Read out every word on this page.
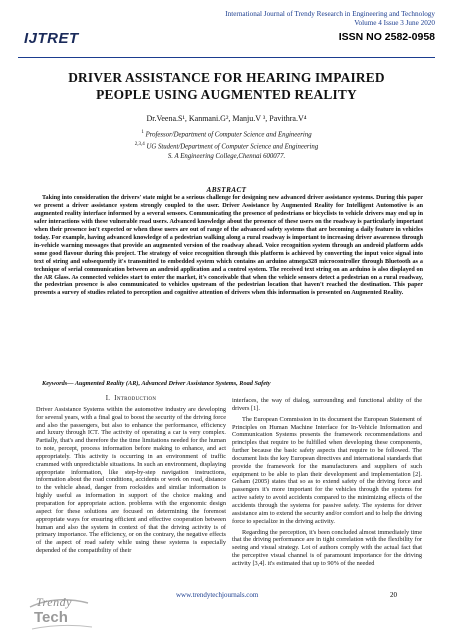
IJTRET
International Journal of Trendy Research in Engineering and Technology
Volume 4 Issue 3 June 2020
ISSN NO 2582-0958
DRIVER ASSISTANCE FOR HEARING IMPAIRED
PEOPLE USING AUGMENTED REALITY
Dr.Veena.S¹, Kanmani.G², Manju.V ³, Pavithra.V⁴
$^1$ Professor/Department of Computer Science and Engineering
$^{2,3,4}$ UG Student/Department of Computer Science and Engineering
S. A Engineering College,Chennai 600077.
ABSTRACT
Taking into consideration the drivers' state might be a serious challenge for designing new advanced driver assistance systems. During this paper we present a driver assistance system strongly coupled to the user. Driver Assistance by Augmented Reality for Intelligent Automotive is an augmented reality interface informed by a several sensors. Communicating the presence of pedestrians or bicyclists to vehicle drivers may end up in safer interactions with these vulnerable road users. Advanced knowledge about the presence of these users on the roadway is particularly important when their presence isn't expected or when these users are out of range of the advanced safety systems that are becoming a daily feature in vehicles today. For example, having advanced knowledge of a pedestrian walking along a rural roadway is important to increasing driver awareness through in-vehicle warning messages that provide an augmented version of the roadway ahead. Voice recognition system through an android platform adds some good flavour during this project. The strategy of voice recognition through this platform is achieved by converting the input voice signal into text of string and subsequently it's transmitted to embedded system which contains an arduino atmega328 microcontroller through Bluetooth as a technique of serial communication between an android application and a control system. The received text string on an arduino is also displayed on the AR Glass. As connected vehicles start to enter the market, it's conceivable that when the vehicle sensors detect a pedestrian on a rural roadway, the pedestrian presence is also communicated to vehicles upstream of the pedestrian location that haven't reached the destination. This paper presents a survey of studies related to perception and cognitive attention of drivers when this information is presented on Augmented Reality.
Keywords— Augmented Reality (AR), Advanced Driver Assistance Systems, Road Safety
I. Introduction

Driver Assistance Systems within the automotive industry are developing for several years, with a final goal to boost the security of the driving force and also the passengers, but also to enhance the performance, efficiency and luxury through ICT. The activity of operating a car is very complex. Partially, that's and therefore the the time limitations needed for the human to note, percept, process information before making to enhance, and act appropriately. This activity is occurring in an environment of traffic crammed with unpredictable situations. In such an environment, displaying appropriate information, like step-by-step navigation instructions, information about the road conditions, accidents or work on road, distance to the vehicle ahead, danger from rocksides and similar information is highly useful as information in support of the choice making and preparation for appropriate action. problems with the ergonomic design aspect for these solutions are focused on determining the foremost appropriate ways for ensuring efficient and effective cooperation between human and also the system in context of that the driving activity is of primary importance. The efficiency, or on the contrary, the negative effects of the aspect of road safety while using these systems is especially depended of the compatibility of their

interfaces, the way of dialog, surrounding and functional ability of the drivers [1].

The European Commission in its document the European Statement of Principles on Human Machine Interface for In-Vehicle Information and Communication Systems presents the framework recommendations and principles that require to be fulfilled when developing these components, further because the basic safety aspects that require to be followed. The document lists the key European directives and international standards that provide the framework for the manufacturers and suppliers of such equipment to be able to plan their development and implementation [2]. Geham (2005) states that so as to extend safety of the driving force and passengers it's more important for the vehicles through the systems for active safety to avoid accidents compared to the minimizing effects of the accidents through the systems for passive safety. The systems for driver assistance aim to extend the security and/or comfort and to help the driving force to specialize in the driving activity.

Regarding the perception, it's been concluded almost immediately time that the driving performance are in tight correlation with the flexibility for seeing and visual strategy. Lot of authors comply with the actual fact that the perceptive visual channel is of paramount importance for the driving activity [3,4]. it's estimated that up to 90% of the needed

Trendy
Tech
www.trendytechjournals.com	20
